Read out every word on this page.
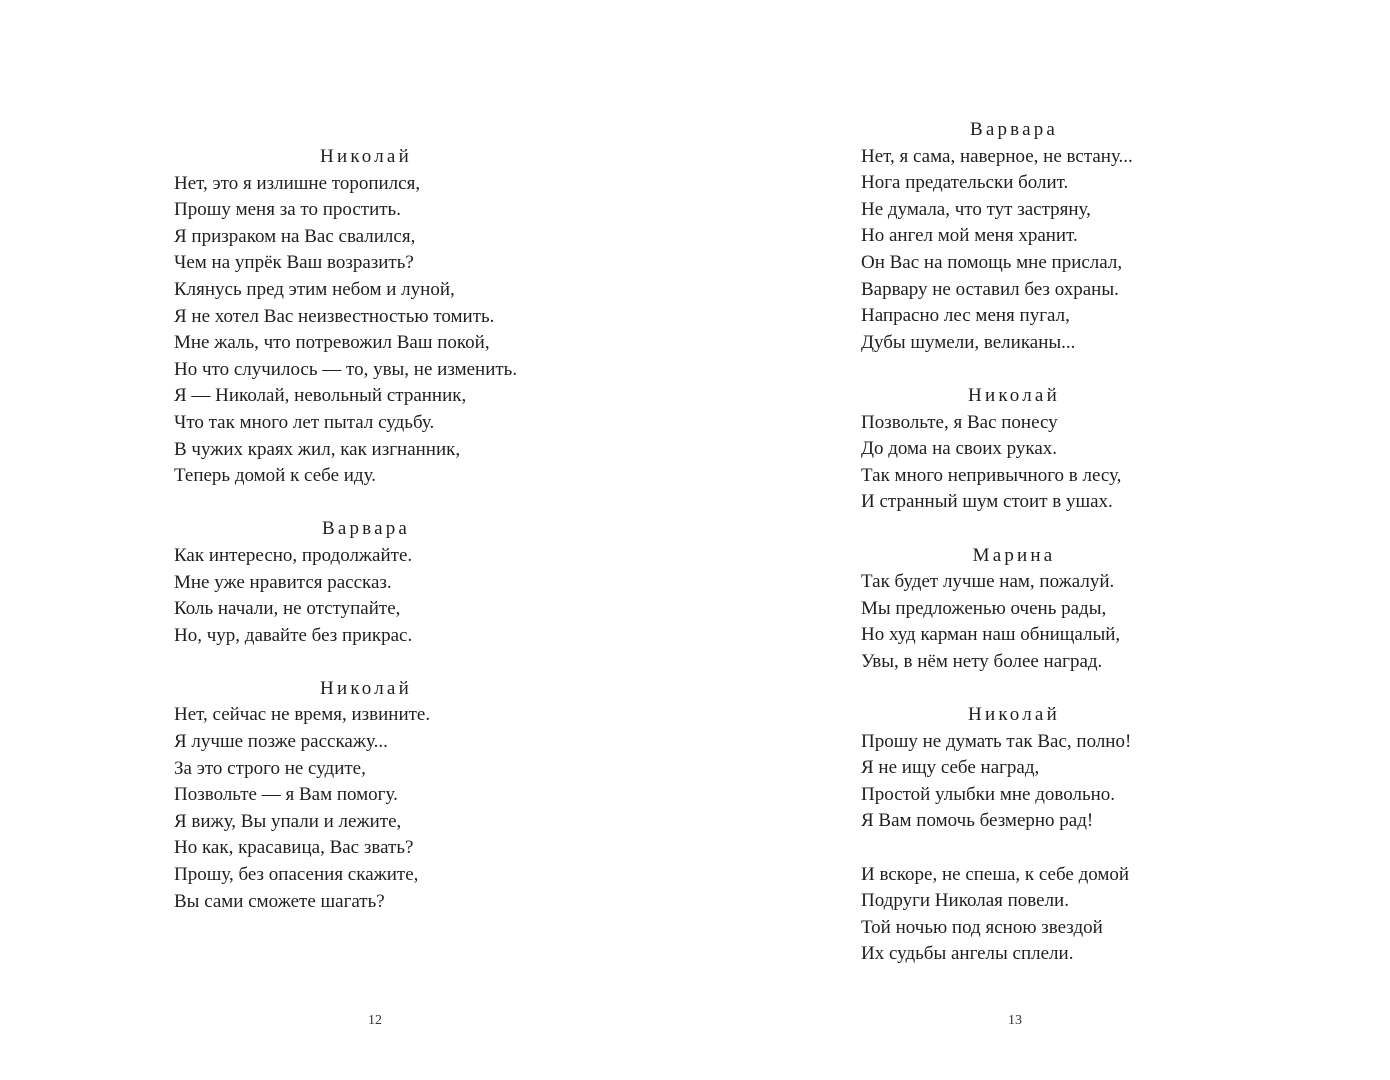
Николай
Нет, это я излишне торопился,
Прошу меня за то простить.
Я призраком на Вас свалился,
Чем на упрёк Ваш возразить?
Клянусь пред этим небом и луной,
Я не хотел Вас неизвестностью томить.
Мне жаль, что потревожил Ваш покой,
Но что случилось — то, увы, не изменить.
Я — Николай, невольный странник,
Что так много лет пытал судьбу.
В чужих краях жил, как изгнанник,
Теперь домой к себе иду.
Варвара
Как интересно, продолжайте.
Мне уже нравится рассказ.
Коль начали, не отступайте,
Но, чур, давайте без прикрас.
Николай
Нет, сейчас не время, извините.
Я лучше позже расскажу...
За это строго не судите,
Позвольте — я Вам помогу.
Я вижу, Вы упали и лежите,
Но как, красавица, Вас звать?
Прошу, без опасения скажите,
Вы сами сможете шагать?
12
Варвара
Нет, я сама, наверное, не встану...
Нога предательски болит.
Не думала, что тут застряну,
Но ангел мой меня хранит.
Он Вас на помощь мне прислал,
Варвару не оставил без охраны.
Напрасно лес меня пугал,
Дубы шумели, великаны...
Николай
Позвольте, я Вас понесу
До дома на своих руках.
Так много непривычного в лесу,
И странный шум стоит в ушах.
Марина
Так будет лучше нам, пожалуй.
Мы предложенью очень рады,
Но худ карман наш обнищалый,
Увы, в нём нету более наград.
Николай
Прошу не думать так Вас, полно!
Я не ищу себе наград,
Простой улыбки мне довольно.
Я Вам помочь безмерно рад!
И вскоре, не спеша, к себе домой
Подруги Николая повели.
Той ночью под ясною звездой
Их судьбы ангелы сплели.
13
